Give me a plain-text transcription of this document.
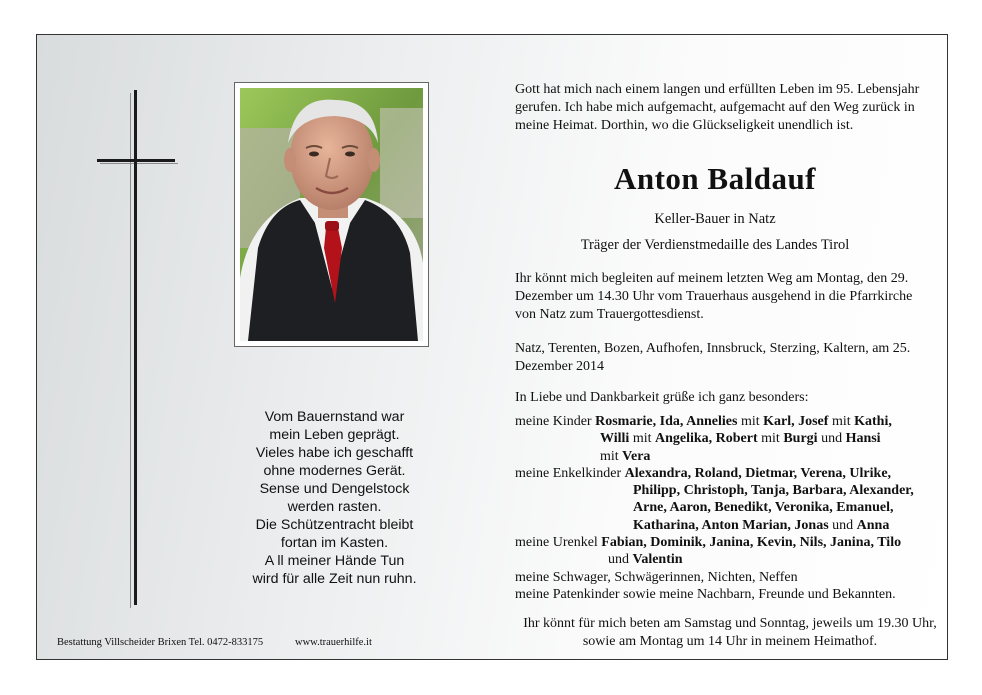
Vom Bauernstand war
mein Leben geprägt.
Vieles habe ich geschafft
ohne modernes Gerät.
Sense und Dengelstock
werden rasten.
Die Schützentracht bleibt
fortan im Kasten.
A ll meiner Hände Tun
wird für alle Zeit nun ruhn.
Gott hat mich nach einem langen und erfüllten Leben im 95. Lebensjahr gerufen. Ich habe mich aufgemacht, aufgemacht auf den Weg zurück in meine Heimat. Dorthin, wo die Glückseligkeit unendlich ist.
Anton Baldauf
Keller-Bauer in Natz
Träger der Verdienstmedaille des Landes Tirol
Ihr könnt mich begleiten auf meinem letzten Weg am Montag, den 29. Dezember um 14.30 Uhr vom Trauerhaus ausgehend in die Pfarrkirche von Natz zum Trauergottesdienst.
Natz, Terenten, Bozen, Aufhofen, Innsbruck, Sterzing, Kaltern, am 25. Dezember 2014
In Liebe und Dankbarkeit grüße ich ganz besonders:
meine Kinder Rosmarie, Ida, Annelies mit Karl, Josef mit Kathi,
Willi mit Angelika, Robert mit Burgi und Hansi
mit Vera
meine Enkelkinder Alexandra, Roland, Dietmar, Verena, Ulrike,
Philipp, Christoph, Tanja, Barbara, Alexander,
Arne, Aaron, Benedikt, Veronika, Emanuel,
Katharina, Anton Marian, Jonas und Anna
meine Urenkel Fabian, Dominik, Janina, Kevin, Nils, Janina, Tilo
und Valentin
meine Schwager, Schwägerinnen, Nichten, Neffen
meine Patenkinder sowie meine Nachbarn, Freunde und Bekannten.
Ihr könnt für mich beten am Samstag und Sonntag, jeweils um 19.30 Uhr, sowie am Montag um 14 Uhr in meinem Heimathof.
Bestattung Villscheider Brixen Tel. 0472-833175	www.trauerhilfe.it
